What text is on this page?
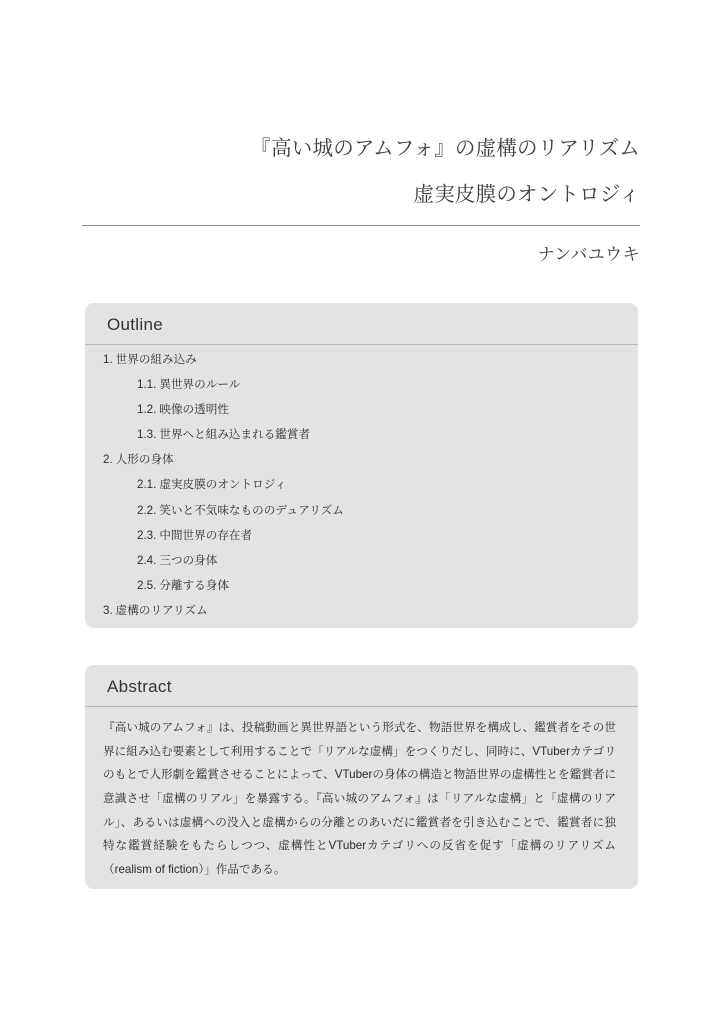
『高い城のアムフォ』の虚構のリアリズム
虚実皮膜のオントロジィ
ナンバユウキ
Outline
1. 世界の組み込み
1.1. 異世界のルール
1.2. 映像の透明性
1.3. 世界へと組み込まれる鑑賞者
2. 人形の身体
2.1. 虚実皮膜のオントロジィ
2.2. 笑いと不気味なもののデュアリズム
2.3. 中間世界の存在者
2.4. 三つの身体
2.5. 分離する身体
3. 虚構のリアリズム
Abstract

『高い城のアムフォ』は、投稿動画と異世界語という形式を、物語世界を構成し、鑑賞者をその世界に組み込む要素として利用することで「リアルな虚構」をつくりだし、同時に、VTuberカテゴリのもとで人形劇を鑑賞させることによって、VTuberの身体の構造と物語世界の虚構性とを鑑賞者に意識させ「虚構のリアル」を暴露する。『高い城のアムフォ』は「リアルな虚構」と「虚構のリアル」、あるいは虚構への没入と虚構からの分離とのあいだに鑑賞者を引き込むことで、鑑賞者に独特な鑑賞経験をもたらしつつ、虚構性とVTuberカテゴリへの反省を促す「虚構のリアリズム（realism of fiction）」作品である。
